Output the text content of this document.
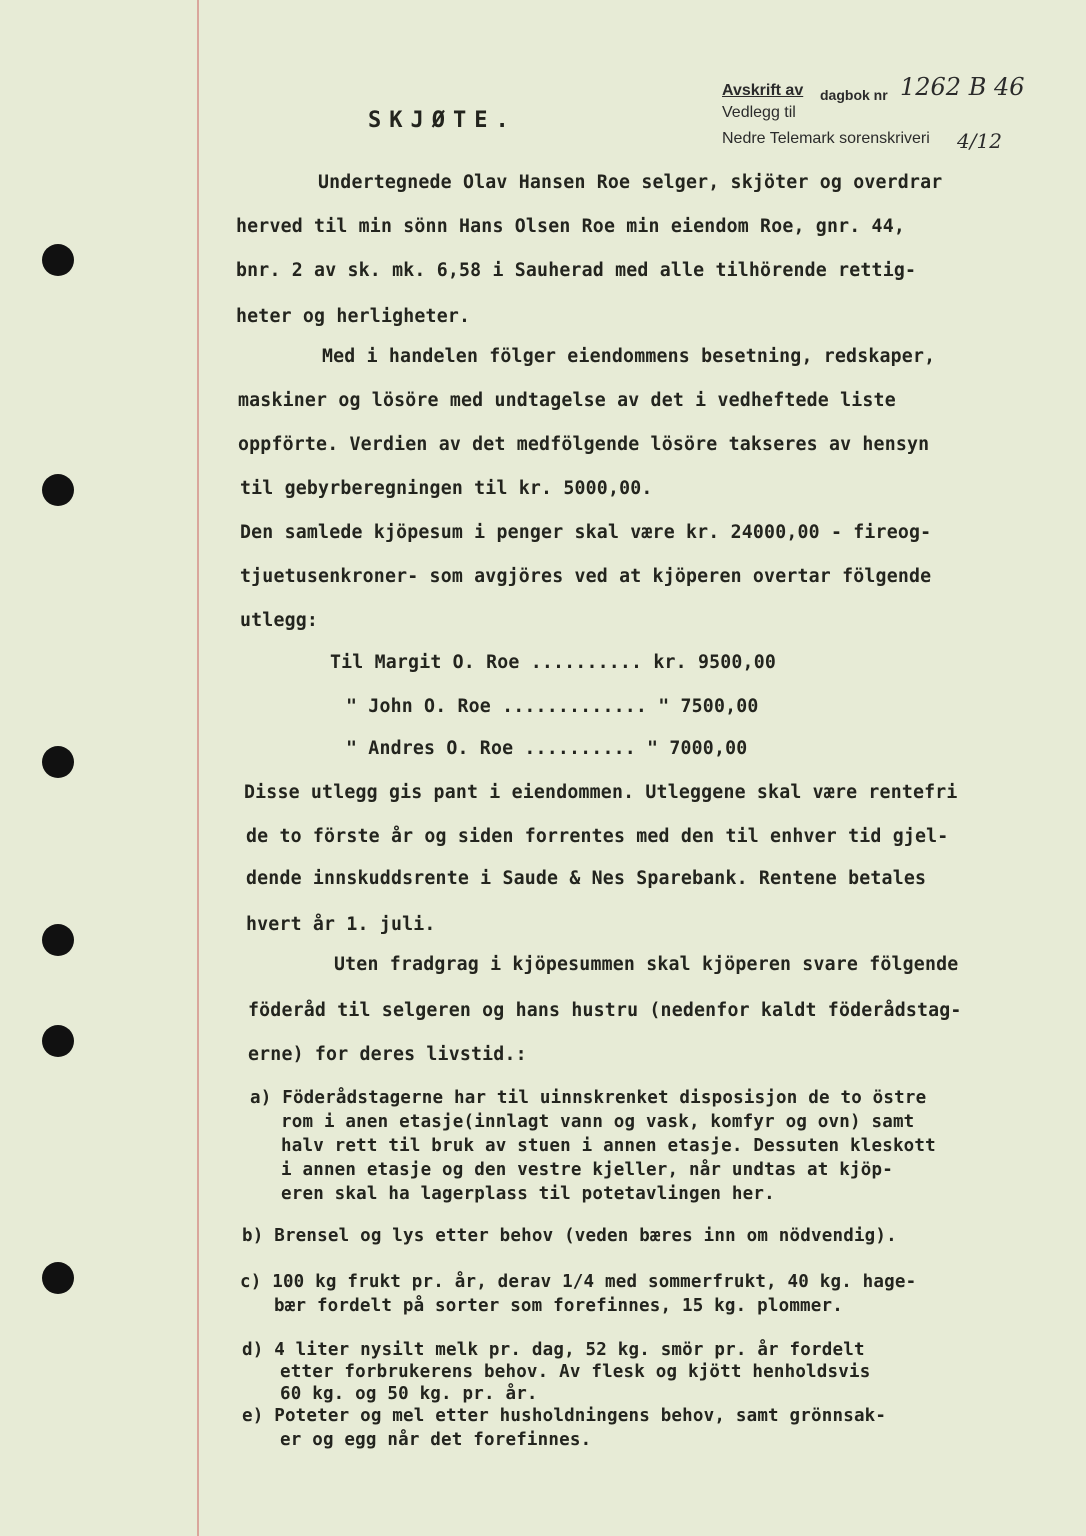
Avskrift av	dagbok nr
Vedlegg til
Nedre Telemark sorenskriveri
1262 B 46
4/12
SKJØTE.
Undertegnede Olav Hansen Roe selger, skjöter og overdrar
herved til min sönn Hans Olsen Roe min eiendom Roe, gnr. 44,
bnr. 2 av sk. mk. 6,58 i Sauherad med alle tilhörende rettig-
heter og herligheter.
Med i handelen fölger eiendommens besetning, redskaper,
maskiner og lösöre med undtagelse av det i vedheftede liste
oppförte. Verdien av det medfölgende lösöre takseres av hensyn
til gebyrberegningen til kr. 5000,00.
Den samlede kjöpesum i penger skal være kr. 24000,00 - fireog-
tjuetusenkroner- som avgjöres ved at kjöperen overtar fölgende
utlegg:
Til Margit O. Roe .......... kr. 9500,00
" John O. Roe ............. " 7500,00
" Andres O. Roe .......... " 7000,00
Disse utlegg gis pant i eiendommen. Utleggene skal være rentefri
de to förste år og siden forrentes med den til enhver tid gjel-
dende innskuddsrente i Saude & Nes Sparebank. Rentene betales
hvert år 1. juli.
Uten fradgrag i kjöpesummen skal kjöperen svare fölgende
föderåd til selgeren og hans hustru (nedenfor kaldt föderådstag-
erne) for deres livstid.:
a) Föderådstagerne har til uinnskrenket disposisjon de to östre
rom i anen etasje(innlagt vann og vask, komfyr og ovn) samt
halv rett til bruk av stuen i annen etasje. Dessuten kleskott
i annen etasje og den vestre kjeller, når undtas at kjöp-
eren skal ha lagerplass til potetavlingen her.
b) Brensel og lys etter behov (veden bæres inn om nödvendig).
c) 100 kg frukt pr. år, derav 1/4 med sommerfrukt, 40 kg. hage-
bær fordelt på sorter som forefinnes, 15 kg. plommer.
d) 4 liter nysilt melk pr. dag, 52 kg. smör pr. år fordelt
etter forbrukerens behov. Av flesk og kjött henholdsvis
60 kg. og 50 kg. pr. år.
e) Poteter og mel etter husholdningens behov, samt grönnsak-
er og egg når det forefinnes.
